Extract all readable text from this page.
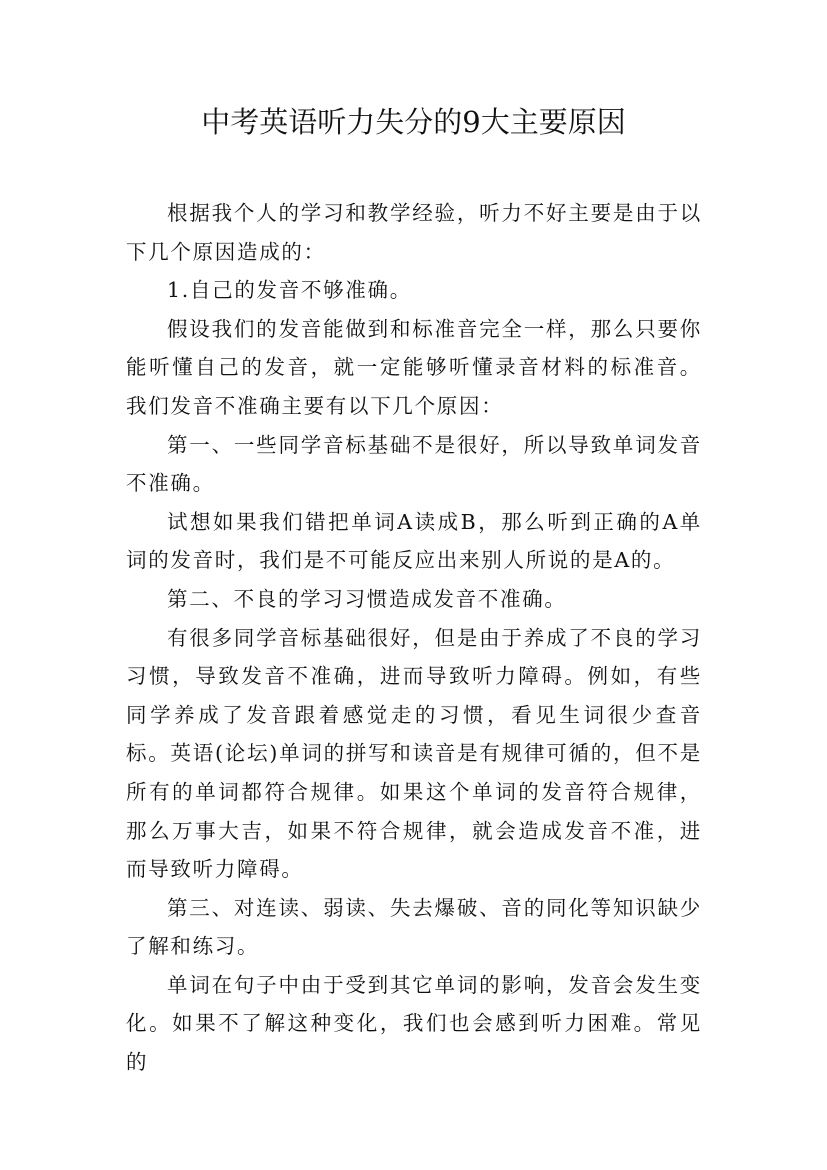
中考英语听力失分的9大主要原因

根据我个人的学习和教学经验，听力不好主要是由于以下几个原因造成的：

1.自己的发音不够准确。

假设我们的发音能做到和标准音完全一样，那么只要你能听懂自己的发音，就一定能够听懂录音材料的标准音。我们发音不准确主要有以下几个原因：

第一、一些同学音标基础不是很好，所以导致单词发音不准确。

试想如果我们错把单词A读成B，那么听到正确的A单词的发音时，我们是不可能反应出来别人所说的是A的。

第二、不良的学习习惯造成发音不准确。

有很多同学音标基础很好，但是由于养成了不良的学习习惯，导致发音不准确，进而导致听力障碍。例如，有些同学养成了发音跟着感觉走的习惯，看见生词很少查音标。英语(论坛)单词的拼写和读音是有规律可循的，但不是所有的单词都符合规律。如果这个单词的发音符合规律，那么万事大吉，如果不符合规律，就会造成发音不准，进而导致听力障碍。

第三、对连读、弱读、失去爆破、音的同化等知识缺少了解和练习。

单词在句子中由于受到其它单词的影响，发音会发生变化。如果不了解这种变化，我们也会感到听力困难。常见的
